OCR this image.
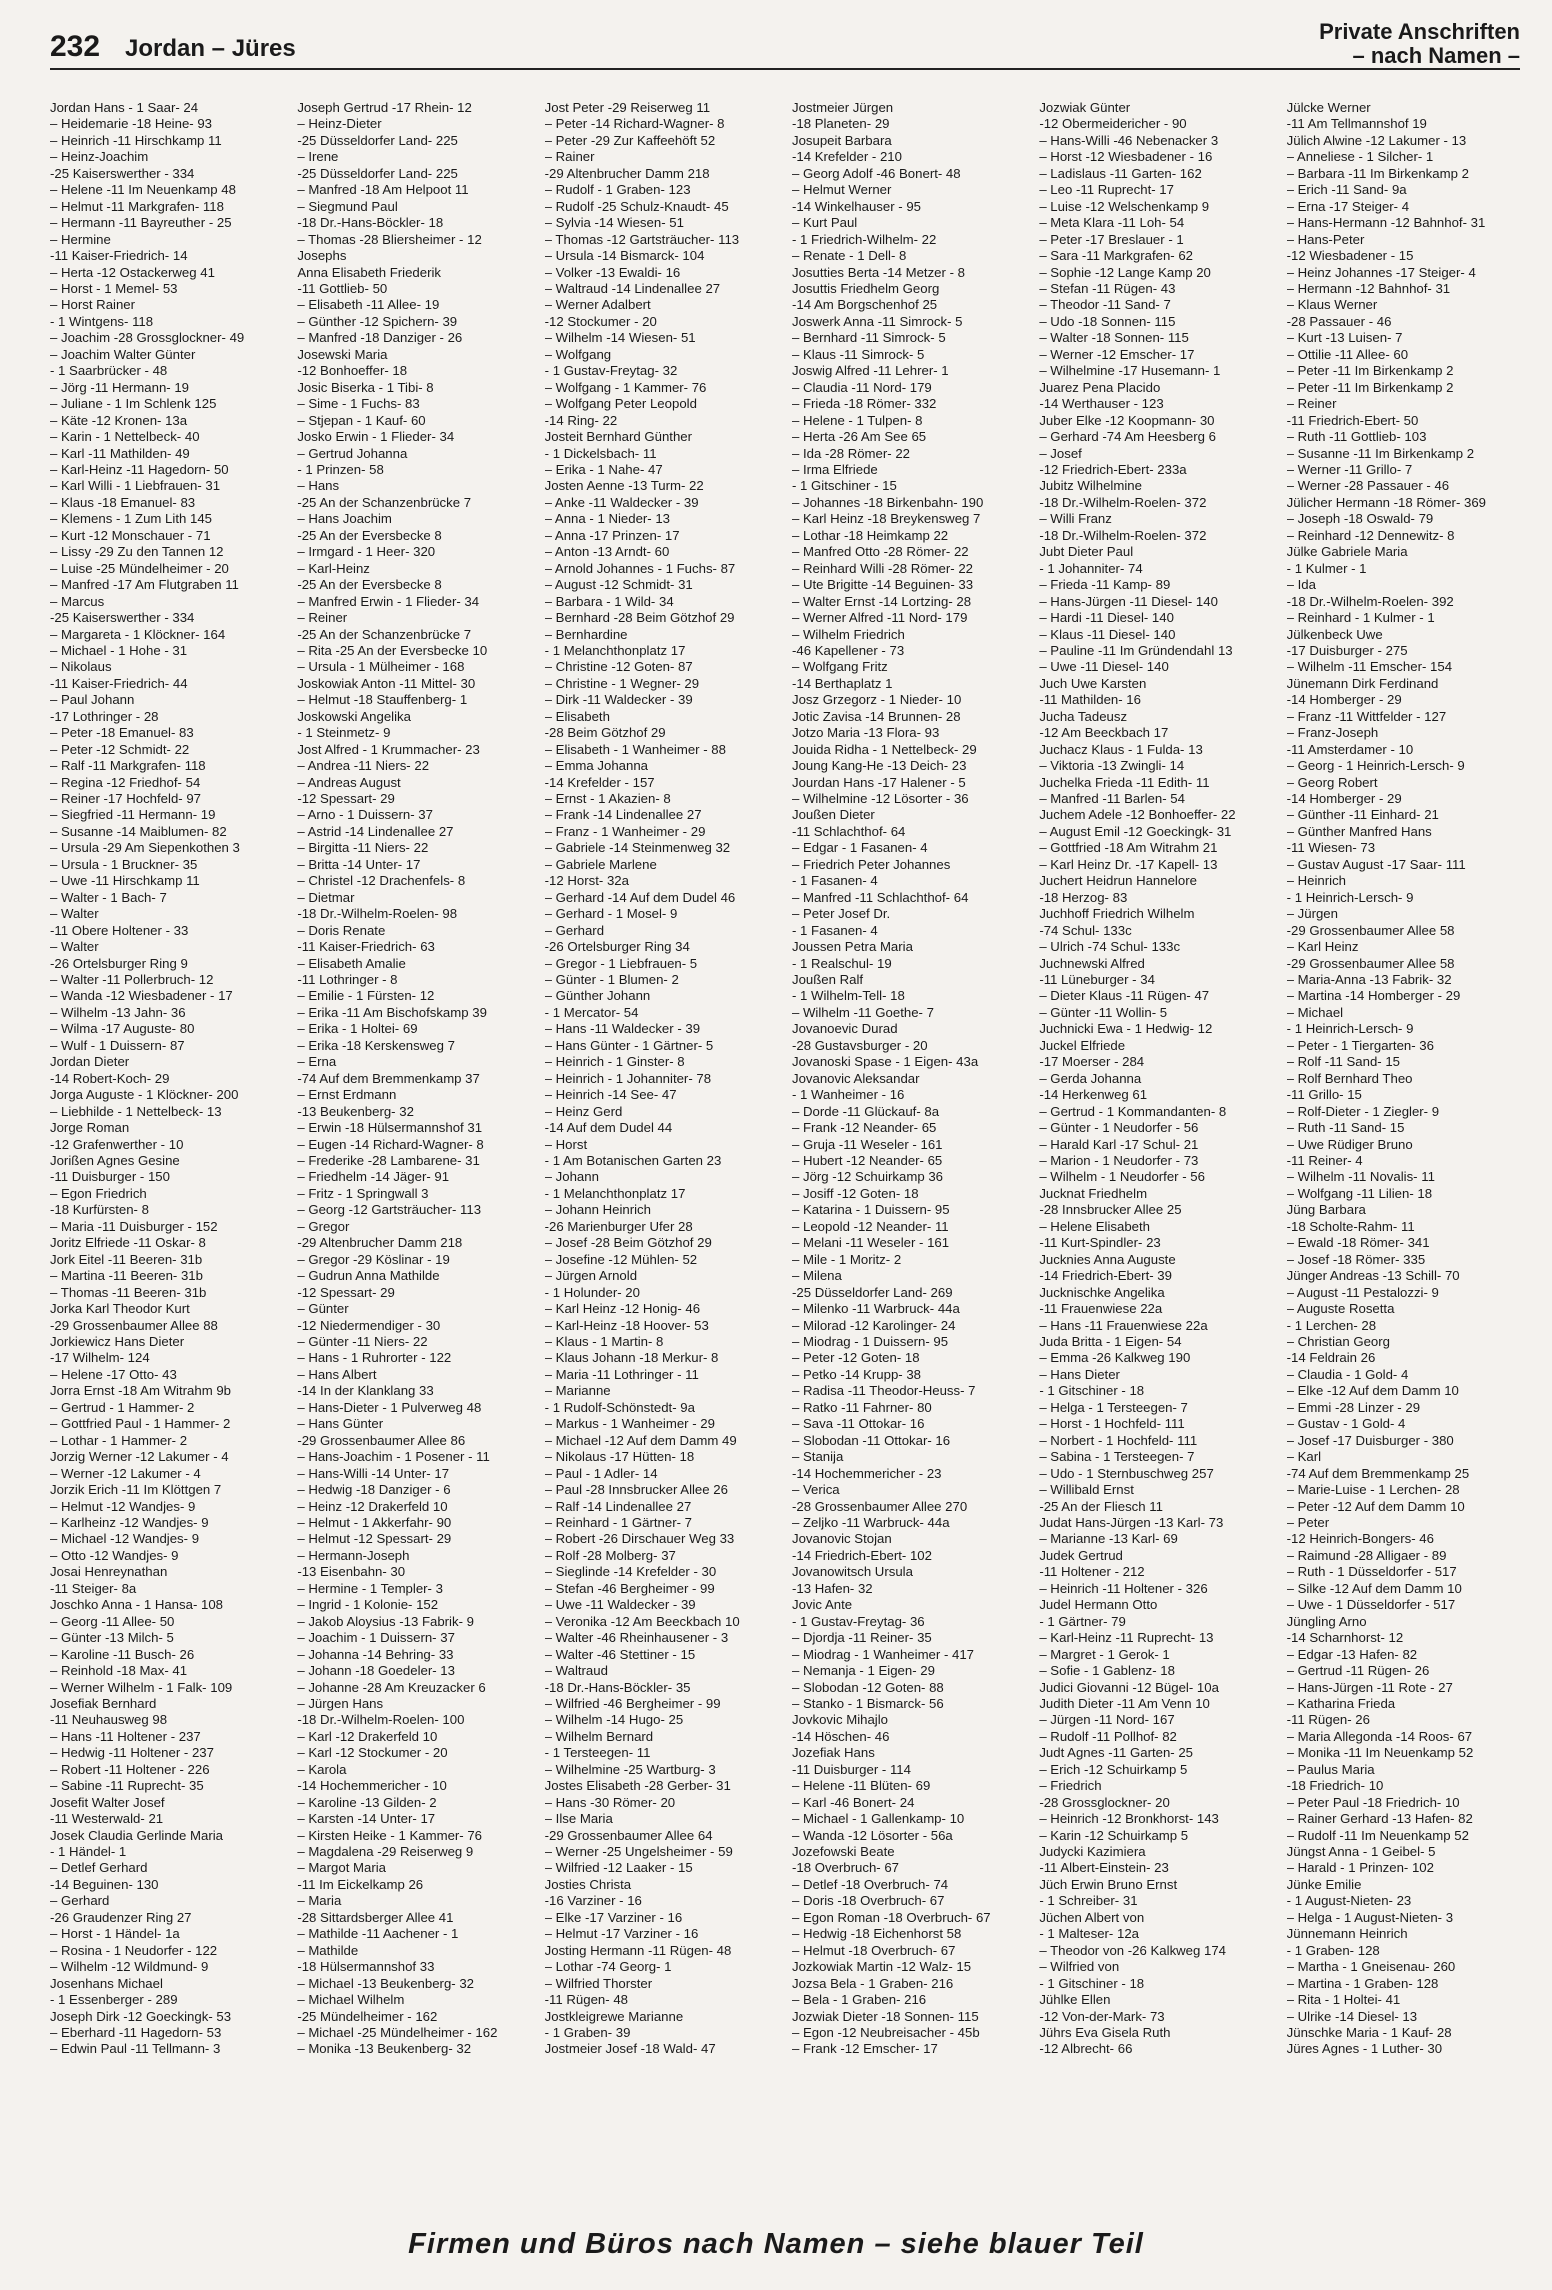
232 Jordan – Jüres
Private Anschriften
– nach Namen –
Jordan Hans - 1 Saar- 24
– Heidemarie -18 Heine- 93
– Heinrich -11 Hirschkamp 11
– Heinz-Joachim
-25 Kaiserswerther - 334
– Helene -11 Im Neuenkamp 48
– Helmut -11 Markgrafen- 118
– Hermann -11 Bayreuther - 25
– Hermine
-11 Kaiser-Friedrich- 14
– Herta -12 Ostackerweg 41
– Horst - 1 Memel- 53
– Horst Rainer
- 1 Wintgens- 118
– Joachim -28 Grossglockner- 49
– Joachim Walter Günter
- 1 Saarbrücker - 48
– Jörg -11 Hermann- 19
– Juliane - 1 Im Schlenk 125
– Käte -12 Kronen- 13a
– Karin - 1 Nettelbeck- 40
– Karl -11 Mathilden- 49
– Karl-Heinz -11 Hagedorn- 50
– Karl Willi - 1 Liebfrauen- 31
– Klaus -18 Emanuel- 83
– Klemens - 1 Zum Lith 145
– Kurt -12 Monschauer - 71
– Lissy -29 Zu den Tannen 12
– Luise -25 Mündelheimer - 20
– Manfred -17 Am Flutgraben 11
– Marcus
-25 Kaiserswerther - 334
– Margareta - 1 Klöckner- 164
– Michael - 1 Hohe - 31
– Nikolaus
-11 Kaiser-Friedrich- 44
– Paul Johann
-17 Lothringer - 28
– Peter -18 Emanuel- 83
– Peter -12 Schmidt- 22
– Ralf -11 Markgrafen- 118
– Regina -12 Friedhof- 54
– Reiner -17 Hochfeld- 97
– Siegfried -11 Hermann- 19
– Susanne -14 Maiblumen- 82
– Ursula -29 Am Siepenkothen 3
– Ursula - 1 Bruckner- 35
– Uwe -11 Hirschkamp 11
– Walter - 1 Bach- 7
– Walter
-11 Obere Holtener - 33
– Walter
-26 Ortelsburger Ring 9
– Walter -11 Pollerbruch- 12
– Wanda -12 Wiesbadener - 17
– Wilhelm -13 Jahn- 36
– Wilma -17 Auguste- 80
– Wulf - 1 Duissern- 87
Jordan Dieter
-14 Robert-Koch- 29
Jorga Auguste - 1 Klöckner- 200
– Liebhilde - 1 Nettelbeck- 13
Jorge Roman
-12 Grafenwerther - 10
Jorißen Agnes Gesine
-11 Duisburger - 150
– Egon Friedrich
-18 Kurfürsten- 8
– Maria -11 Duisburger - 152
Joritz Elfriede -11 Oskar- 8
Jork Eitel -11 Beeren- 31b
– Martina -11 Beeren- 31b
– Thomas -11 Beeren- 31b
Jorka Karl Theodor Kurt
-29 Grossenbaumer Allee 88
Jorkiewicz Hans Dieter
-17 Wilhelm- 124
– Helene -17 Otto- 43
Jorra Ernst -18 Am Witrahm 9b
– Gertrud - 1 Hammer- 2
– Gottfried Paul - 1 Hammer- 2
– Lothar - 1 Hammer- 2
Jorzig Werner -12 Lakumer - 4
– Werner -12 Lakumer - 4
Jorzik Erich -11 Im Klöttgen 7
– Helmut -12 Wandjes- 9
– Karlheinz -12 Wandjes- 9
– Michael -12 Wandjes- 9
– Otto -12 Wandjes- 9
Josai Henreynathan
-11 Steiger- 8a
Joschko Anna - 1 Hansa- 108
– Georg -11 Allee- 50
– Günter -13 Milch- 5
– Karoline -11 Busch- 26
– Reinhold -18 Max- 41
– Werner Wilhelm - 1 Falk- 109
Josefiak Bernhard
-11 Neuhausweg 98
– Hans -11 Holtener - 237
– Hedwig -11 Holtener - 237
– Robert -11 Holtener - 226
– Sabine -11 Ruprecht- 35
Josefit Walter Josef
-11 Westerwald- 21
Josek Claudia Gerlinde Maria
- 1 Händel- 1
– Detlef Gerhard
-14 Beguinen- 130
– Gerhard
-26 Graudenzer Ring 27
– Horst - 1 Händel- 1a
– Rosina - 1 Neudorfer - 122
– Wilhelm -12 Wildmund- 9
Josenhans Michael
- 1 Essenberger - 289
Joseph Dirk -12 Goeckingk- 53
– Eberhard -11 Hagedorn- 53
– Edwin Paul -11 Tellmann- 3
Joseph Gertrud -17 Rhein- 12
– Heinz-Dieter
-25 Düsseldorfer Land- 225
– Irene
-25 Düsseldorfer Land- 225
– Manfred -18 Am Helpoot 11
– Siegmund Paul
-18 Dr.-Hans-Böckler- 18
– Thomas -28 Bliersheimer - 12
Josephs
Anna Elisabeth Friederik
-11 Gottlieb- 50
– Elisabeth -11 Allee- 19
– Günther -12 Spichern- 39
– Manfred -18 Danziger - 26
Josewski Maria
-12 Bonhoeffer- 18
Josic Biserka - 1 Tibi- 8
– Sime - 1 Fuchs- 83
– Stjepan - 1 Kauf- 60
Josko Erwin - 1 Flieder- 34
– Gertrud Johanna
- 1 Prinzen- 58
– Hans
-25 An der Schanzenbrücke 7
– Hans Joachim
-25 An der Eversbecke 8
– Irmgard - 1 Heer- 320
– Karl-Heinz
-25 An der Eversbecke 8
– Manfred Erwin - 1 Flieder- 34
– Reiner
-25 An der Schanzenbrücke 7
– Rita -25 An der Eversbecke 10
– Ursula - 1 Mülheimer - 168
Joskowiak Anton -11 Mittel- 30
– Helmut -18 Stauffenberg- 1
Joskowski Angelika
- 1 Steinmetz- 9
Jost Alfred - 1 Krummacher- 23
– Andrea -11 Niers- 22
– Andreas August
-12 Spessart- 29
– Arno - 1 Duissern- 37
– Astrid -14 Lindenallee 27
– Birgitta -11 Niers- 22
– Britta -14 Unter- 17
– Christel -12 Drachenfels- 8
– Dietmar
-18 Dr.-Wilhelm-Roelen- 98
– Doris Renate
-11 Kaiser-Friedrich- 63
– Elisabeth Amalie
-11 Lothringer - 8
– Emilie - 1 Fürsten- 12
– Erika -11 Am Bischofskamp 39
– Erika - 1 Holtei- 69
– Erika -18 Kerskensweg 7
– Erna
-74 Auf dem Bremmenkamp 37
– Ernst Erdmann
-13 Beukenberg- 32
– Erwin -18 Hülsermannshof 31
– Eugen -14 Richard-Wagner- 8
– Frederike -28 Lambarene- 31
– Friedhelm -14 Jäger- 91
– Fritz - 1 Springwall 3
– Georg -12 Gartsträucher- 113
– Gregor
-29 Altenbrucher Damm 218
– Gregor -29 Köslinar - 19
– Gudrun Anna Mathilde
-12 Spessart- 29
– Günter
-12 Niedermendiger - 30
– Günter -11 Niers- 22
– Hans - 1 Ruhrorter - 122
– Hans Albert
-14 In der Klanklang 33
– Hans-Dieter - 1 Pulverweg 48
– Hans Günter
-29 Grossenbaumer Allee 86
– Hans-Joachim - 1 Posener - 11
– Hans-Willi -14 Unter- 17
– Hedwig -18 Danziger - 6
– Heinz -12 Drakerfeld 10
– Helmut - 1 Akkerfahr- 90
– Helmut -12 Spessart- 29
– Hermann-Joseph
-13 Eisenbahn- 30
– Hermine - 1 Templer- 3
– Ingrid - 1 Kolonie- 152
– Jakob Aloysius -13 Fabrik- 9
– Joachim - 1 Duissern- 37
– Johanna -14 Behring- 33
– Johann -18 Goedeler- 13
– Johanne -28 Am Kreuzacker 6
– Jürgen Hans
-18 Dr.-Wilhelm-Roelen- 100
– Karl -12 Drakerfeld 10
– Karl -12 Stockumer - 20
– Karola
-14 Hochemmericher - 10
– Karoline -13 Gilden- 2
– Karsten -14 Unter- 17
– Kirsten Heike - 1 Kammer- 76
– Magdalena -29 Reiserweg 9
– Margot Maria
-11 Im Eickelkamp 26
– Maria
-28 Sittardsberger Allee 41
– Mathilde -11 Aachener - 1
– Mathilde
-18 Hülsermannshof 33
– Michael -13 Beukenberg- 32
– Michael Wilhelm
-25 Mündelheimer - 162
– Michael -25 Mündelheimer - 162
– Monika -13 Beukenberg- 32
Jost Peter -29 Reiserweg 11
– Peter -14 Richard-Wagner- 8
– Peter -29 Zur Kaffeehöft 52
– Rainer
-29 Altenbrucher Damm 218
– Rudolf - 1 Graben- 123
– Rudolf -25 Schulz-Knaudt- 45
– Sylvia -14 Wiesen- 51
– Thomas -12 Gartsträucher- 113
– Ursula -14 Bismarck- 104
– Volker -13 Ewaldi- 16
– Waltraud -14 Lindenallee 27
– Werner Adalbert
-12 Stockumer - 20
– Wilhelm -14 Wiesen- 51
– Wolfgang
- 1 Gustav-Freytag- 32
– Wolfgang - 1 Kammer- 76
– Wolfgang Peter Leopold
-14 Ring- 22
Josteit Bernhard Günther
- 1 Dickelsbach- 11
– Erika - 1 Nahe- 47
Josten Aenne -13 Turm- 22
– Anke -11 Waldecker - 39
– Anna - 1 Nieder- 13
– Anna -17 Prinzen- 17
– Anton -13 Arndt- 60
– Arnold Johannes - 1 Fuchs- 87
– August -12 Schmidt- 31
– Barbara - 1 Wild- 34
– Bernhard -28 Beim Götzhof 29
– Bernhardine
- 1 Melanchthonplatz 17
– Christine -12 Goten- 87
– Christine - 1 Wegner- 29
– Dirk -11 Waldecker - 39
– Elisabeth
-28 Beim Götzhof 29
– Elisabeth - 1 Wanheimer - 88
– Emma Johanna
-14 Krefelder - 157
– Ernst - 1 Akazien- 8
– Frank -14 Lindenallee 27
– Franz - 1 Wanheimer - 29
– Gabriele -14 Steinmenweg 32
– Gabriele Marlene
-12 Horst- 32a
– Gerhard -14 Auf dem Dudel 46
– Gerhard - 1 Mosel- 9
– Gerhard
-26 Ortelsburger Ring 34
– Gregor - 1 Liebfrauen- 5
– Günter - 1 Blumen- 2
– Günther Johann
- 1 Mercator- 54
– Hans -11 Waldecker - 39
– Hans Günter - 1 Gärtner- 5
– Heinrich - 1 Ginster- 8
– Heinrich - 1 Johanniter- 78
– Heinrich -14 See- 47
– Heinz Gerd
-14 Auf dem Dudel 44
– Horst
- 1 Am Botanischen Garten 23
– Johann
- 1 Melanchthonplatz 17
– Johann Heinrich
-26 Marienburger Ufer 28
– Josef -28 Beim Götzhof 29
– Josefine -12 Mühlen- 52
– Jürgen Arnold
- 1 Holunder- 20
– Karl Heinz -12 Honig- 46
– Karl-Heinz -18 Hoover- 53
– Klaus - 1 Martin- 8
– Klaus Johann -18 Merkur- 8
– Maria -11 Lothringer - 11
– Marianne
- 1 Rudolf-Schönstedt- 9a
– Markus - 1 Wanheimer - 29
– Michael -12 Auf dem Damm 49
– Nikolaus -17 Hütten- 18
– Paul - 1 Adler- 14
– Paul -28 Innsbrucker Allee 26
– Ralf -14 Lindenallee 27
– Reinhard - 1 Gärtner- 7
– Robert -26 Dirschauer Weg 33
– Rolf -28 Molberg- 37
– Sieglinde -14 Krefelder - 30
– Stefan -46 Bergheimer - 99
– Uwe -11 Waldecker - 39
– Veronika -12 Am Beeckbach 10
– Walter -46 Rheinhausener - 3
– Walter -46 Stettiner - 15
– Waltraud
-18 Dr.-Hans-Böckler- 35
– Wilfried -46 Bergheimer - 99
– Wilhelm -14 Hugo- 25
– Wilhelm Bernard
- 1 Tersteegen- 11
– Wilhelmine -25 Wartburg- 3
Jostes Elisabeth -28 Gerber- 31
– Hans -30 Römer- 20
– Ilse Maria
-29 Grossenbaumer Allee 64
– Werner -25 Ungelsheimer - 59
– Wilfried -12 Laaker - 15
Josties Christa
-16 Varziner - 16
– Elke -17 Varziner - 16
– Helmut -17 Varziner - 16
Josting Hermann -11 Rügen- 48
– Lothar -74 Georg- 1
– Wilfried Thorster
-11 Rügen- 48
Jostkleigrewe Marianne
- 1 Graben- 39
Jostmeier Josef -18 Wald- 47
Jostmeier Jürgen
-18 Planeten- 29
Josupeit Barbara
-14 Krefelder - 210
– Georg Adolf -46 Bonert- 48
– Helmut Werner
-14 Winkelhauser - 95
– Kurt Paul
- 1 Friedrich-Wilhelm- 22
– Renate - 1 Dell- 8
Josutties Berta -14 Metzer - 8
Josuttis Friedhelm Georg
-14 Am Borgschenhof 25
Joswerk Anna -11 Simrock- 5
– Bernhard -11 Simrock- 5
– Klaus -11 Simrock- 5
Joswig Alfred -11 Lehrer- 1
– Claudia -11 Nord- 179
– Frieda -18 Römer- 332
– Helene - 1 Tulpen- 8
– Herta -26 Am See 65
– Ida -28 Römer- 22
– Irma Elfriede
- 1 Gitschiner - 15
– Johannes -18 Birkenbahn- 190
– Karl Heinz -18 Breykensweg 7
– Lothar -18 Heimkamp 22
– Manfred Otto -28 Römer- 22
– Reinhard Willi -28 Römer- 22
– Ute Brigitte -14 Beguinen- 33
– Walter Ernst -14 Lortzing- 28
– Werner Alfred -11 Nord- 179
– Wilhelm Friedrich
-46 Kapellener - 73
– Wolfgang Fritz
-14 Berthaplatz 1
Josz Grzegorz - 1 Nieder- 10
Jotic Zavisa -14 Brunnen- 28
Jotzo Maria -13 Flora- 93
Jouida Ridha - 1 Nettelbeck- 29
Joung Kang-He -13 Deich- 23
Jourdan Hans -17 Halener - 5
– Wilhelmine -12 Lösorter - 36
Joußen Dieter
-11 Schlachthof- 64
– Edgar - 1 Fasanen- 4
– Friedrich Peter Johannes
- 1 Fasanen- 4
– Manfred -11 Schlachthof- 64
– Peter Josef Dr.
- 1 Fasanen- 4
Joussen Petra Maria
- 1 Realschul- 19
Joußen Ralf
- 1 Wilhelm-Tell- 18
– Wilhelm -11 Goethe- 7
Jovanoevic Durad
-28 Gustavsburger - 20
Jovanoski Spase - 1 Eigen- 43a
Jovanovic Aleksandar
- 1 Wanheimer - 16
– Dorde -11 Glückauf- 8a
– Frank -12 Neander- 65
– Gruja -11 Weseler - 161
– Hubert -12 Neander- 65
– Jörg -12 Schuirkamp 36
– Josiff -12 Goten- 18
– Katarina - 1 Duissern- 95
– Leopold -12 Neander- 11
– Melani -11 Weseler - 161
– Mile - 1 Moritz- 2
– Milena
-25 Düsseldorfer Land- 269
– Milenko -11 Warbruck- 44a
– Milorad -12 Karolinger- 24
– Miodrag - 1 Duissern- 95
– Peter -12 Goten- 18
– Petko -14 Krupp- 38
– Radisa -11 Theodor-Heuss- 7
– Ratko -11 Fahrner- 80
– Sava -11 Ottokar- 16
– Slobodan -11 Ottokar- 16
– Stanija
-14 Hochemmericher - 23
– Verica
-28 Grossenbaumer Allee 270
– Zeljko -11 Warbruck- 44a
Jovanovic Stojan
-14 Friedrich-Ebert- 102
Jovanowitsch Ursula
-13 Hafen- 32
Jovic Ante
- 1 Gustav-Freytag- 36
– Djordja -11 Reiner- 35
– Miodrag - 1 Wanheimer - 417
– Nemanja - 1 Eigen- 29
– Slobodan -12 Goten- 88
– Stanko - 1 Bismarck- 56
Jovkovic Mihajlo
-14 Höschen- 46
Jozefiak Hans
-11 Duisburger - 114
– Helene -11 Blüten- 69
– Karl -46 Bonert- 24
– Michael - 1 Gallenkamp- 10
– Wanda -12 Lösorter - 56a
Jozefowski Beate
-18 Overbruch- 67
– Detlef -18 Overbruch- 74
– Doris -18 Overbruch- 67
– Egon Roman -18 Overbruch- 67
– Hedwig -18 Eichenhorst 58
– Helmut -18 Overbruch- 67
Jozkowiak Martin -12 Walz- 15
Jozsa Bela - 1 Graben- 216
– Bela - 1 Graben- 216
Jozwiak Dieter -18 Sonnen- 115
– Egon -12 Neubreisacher - 45b
– Frank -12 Emscher- 17
Jozwiak Günter
-12 Obermeidericher - 90
– Hans-Willi -46 Nebenacker 3
– Horst -12 Wiesbadener - 16
– Ladislaus -11 Garten- 162
– Leo -11 Ruprecht- 17
– Luise -12 Welschenkamp 9
– Meta Klara -11 Loh- 54
– Peter -17 Breslauer - 1
– Sara -11 Markgrafen- 62
– Sophie -12 Lange Kamp 20
– Stefan -11 Rügen- 43
– Theodor -11 Sand- 7
– Udo -18 Sonnen- 115
– Walter -18 Sonnen- 115
– Werner -12 Emscher- 17
– Wilhelmine -17 Husemann- 1
Juarez Pena Placido
-14 Werthauser - 123
Juber Elke -12 Koopmann- 30
– Gerhard -74 Am Heesberg 6
– Josef
-12 Friedrich-Ebert- 233a
Jubitz Wilhelmine
-18 Dr.-Wilhelm-Roelen- 372
– Willi Franz
-18 Dr.-Wilhelm-Roelen- 372
Jubt Dieter Paul
- 1 Johanniter- 74
– Frieda -11 Kamp- 89
– Hans-Jürgen -11 Diesel- 140
– Hardi -11 Diesel- 140
– Klaus -11 Diesel- 140
– Pauline -11 Im Gründendahl 13
– Uwe -11 Diesel- 140
Juch Uwe Karsten
-11 Mathilden- 16
Jucha Tadeusz
-12 Am Beeckbach 17
Juchacz Klaus - 1 Fulda- 13
– Viktoria -13 Zwingli- 14
Juchelka Frieda -11 Edith- 11
– Manfred -11 Barlen- 54
Juchem Adele -12 Bonhoeffer- 22
– August Emil -12 Goeckingk- 31
– Gottfried -18 Am Witrahm 21
– Karl Heinz Dr. -17 Kapell- 13
Juchert Heidrun Hannelore
-18 Herzog- 83
Juchhoff Friedrich Wilhelm
-74 Schul- 133c
– Ulrich -74 Schul- 133c
Juchnewski Alfred
-11 Lüneburger - 34
– Dieter Klaus -11 Rügen- 47
– Günter -11 Wollin- 5
Juchnicki Ewa - 1 Hedwig- 12
Juckel Elfriede
-17 Moerser - 284
– Gerda Johanna
-14 Herkenweg 61
– Gertrud - 1 Kommandanten- 8
– Günter - 1 Neudorfer - 56
– Harald Karl -17 Schul- 21
– Marion - 1 Neudorfer - 73
– Wilhelm - 1 Neudorfer - 56
Jucknat Friedhelm
-28 Innsbrucker Allee 25
– Helene Elisabeth
-11 Kurt-Spindler- 23
Jucknies Anna Auguste
-14 Friedrich-Ebert- 39
Jucknischke Angelika
-11 Frauenwiese 22a
– Hans -11 Frauenwiese 22a
Juda Britta - 1 Eigen- 54
– Emma -26 Kalkweg 190
– Hans Dieter
- 1 Gitschiner - 18
– Helga - 1 Tersteegen- 7
– Horst - 1 Hochfeld- 111
– Norbert - 1 Hochfeld- 111
– Sabina - 1 Tersteegen- 7
– Udo - 1 Sternbuschweg 257
– Willibald Ernst
-25 An der Fliesch 11
Judat Hans-Jürgen -13 Karl- 73
– Marianne -13 Karl- 69
Judek Gertrud
-11 Holtener - 212
– Heinrich -11 Holtener - 326
Judel Hermann Otto
- 1 Gärtner- 79
– Karl-Heinz -11 Ruprecht- 13
– Margret - 1 Gerok- 1
– Sofie - 1 Gablenz- 18
Judici Giovanni -12 Bügel- 10a
Judith Dieter -11 Am Venn 10
– Jürgen -11 Nord- 167
– Rudolf -11 Pollhof- 82
Judt Agnes -11 Garten- 25
– Erich -12 Schuirkamp 5
– Friedrich
-28 Grossglockner- 20
– Heinrich -12 Bronkhorst- 143
– Karin -12 Schuirkamp 5
Judycki Kazimiera
-11 Albert-Einstein- 23
Jüch Erwin Bruno Ernst
- 1 Schreiber- 31
Jüchen Albert von
- 1 Malteser- 12a
– Theodor von -26 Kalkweg 174
– Wilfried von
- 1 Gitschiner - 18
Jühlke Ellen
-12 Von-der-Mark- 73
Jührs Eva Gisela Ruth
-12 Albrecht- 66
Jülcke Werner
-11 Am Tellmannshof 19
Jülich Alwine -12 Lakumer - 13
– Anneliese - 1 Silcher- 1
– Barbara -11 Im Birkenkamp 2
– Erich -11 Sand- 9a
– Erna -17 Steiger- 4
– Hans-Hermann -12 Bahnhof- 31
– Hans-Peter
-12 Wiesbadener - 15
– Heinz Johannes -17 Steiger- 4
– Hermann -12 Bahnhof- 31
– Klaus Werner
-28 Passauer - 46
– Kurt -13 Luisen- 7
– Ottilie -11 Allee- 60
– Peter -11 Im Birkenkamp 2
– Peter -11 Im Birkenkamp 2
– Reiner
-11 Friedrich-Ebert- 50
– Ruth -11 Gottlieb- 103
– Susanne -11 Im Birkenkamp 2
– Werner -11 Grillo- 7
– Werner -28 Passauer - 46
Jülicher Hermann -18 Römer- 369
– Joseph -18 Oswald- 79
– Reinhard -12 Dennewitz- 8
Jülke Gabriele Maria
- 1 Kulmer - 1
– Ida
-18 Dr.-Wilhelm-Roelen- 392
– Reinhard - 1 Kulmer - 1
Jülkenbeck Uwe
-17 Duisburger - 275
– Wilhelm -11 Emscher- 154
Jünemann Dirk Ferdinand
-14 Homberger - 29
– Franz -11 Wittfelder - 127
– Franz-Joseph
-11 Amsterdamer - 10
– Georg - 1 Heinrich-Lersch- 9
– Georg Robert
-14 Homberger - 29
– Günther -11 Einhard- 21
– Günther Manfred Hans
-11 Wiesen- 73
– Gustav August -17 Saar- 111
– Heinrich
- 1 Heinrich-Lersch- 9
– Jürgen
-29 Grossenbaumer Allee 58
– Karl Heinz
-29 Grossenbaumer Allee 58
– Maria-Anna -13 Fabrik- 32
– Martina -14 Homberger - 29
– Michael
- 1 Heinrich-Lersch- 9
– Peter - 1 Tiergarten- 36
– Rolf -11 Sand- 15
– Rolf Bernhard Theo
-11 Grillo- 15
– Rolf-Dieter - 1 Ziegler- 9
– Ruth -11 Sand- 15
– Uwe Rüdiger Bruno
-11 Reiner- 4
– Wilhelm -11 Novalis- 11
– Wolfgang -11 Lilien- 18
Jüng Barbara
-18 Scholte-Rahm- 11
– Ewald -18 Römer- 341
– Josef -18 Römer- 335
Jünger Andreas -13 Schill- 70
– August -11 Pestalozzi- 9
– Auguste Rosetta
- 1 Lerchen- 28
– Christian Georg
-14 Feldrain 26
– Claudia - 1 Gold- 4
– Elke -12 Auf dem Damm 10
– Emmi -28 Linzer - 29
– Gustav - 1 Gold- 4
– Josef -17 Duisburger - 380
– Karl
-74 Auf dem Bremmenkamp 25
– Marie-Luise - 1 Lerchen- 28
– Peter -12 Auf dem Damm 10
– Peter
-12 Heinrich-Bongers- 46
– Raimund -28 Alligaer - 89
– Ruth - 1 Düsseldorfer - 517
– Silke -12 Auf dem Damm 10
– Uwe - 1 Düsseldorfer - 517
Jüngling Arno
-14 Scharnhorst- 12
– Edgar -13 Hafen- 82
– Gertrud -11 Rügen- 26
– Hans-Jürgen -11 Rote - 27
– Katharina Frieda
-11 Rügen- 26
– Maria Allegonda -14 Roos- 67
– Monika -11 Im Neuenkamp 52
– Paulus Maria
-18 Friedrich- 10
– Peter Paul -18 Friedrich- 10
– Rainer Gerhard -13 Hafen- 82
– Rudolf -11 Im Neuenkamp 52
Jüngst Anna - 1 Geibel- 5
– Harald - 1 Prinzen- 102
Jünke Emilie
- 1 August-Nieten- 23
– Helga - 1 August-Nieten- 3
Jünnemann Heinrich
- 1 Graben- 128
– Martha - 1 Gneisenau- 260
– Martina - 1 Graben- 128
– Rita - 1 Holtei- 41
– Ulrike -14 Diesel- 13
Jünschke Maria - 1 Kauf- 28
Jüres Agnes - 1 Luther- 30
Firmen und Büros nach Namen – siehe blauer Teil
